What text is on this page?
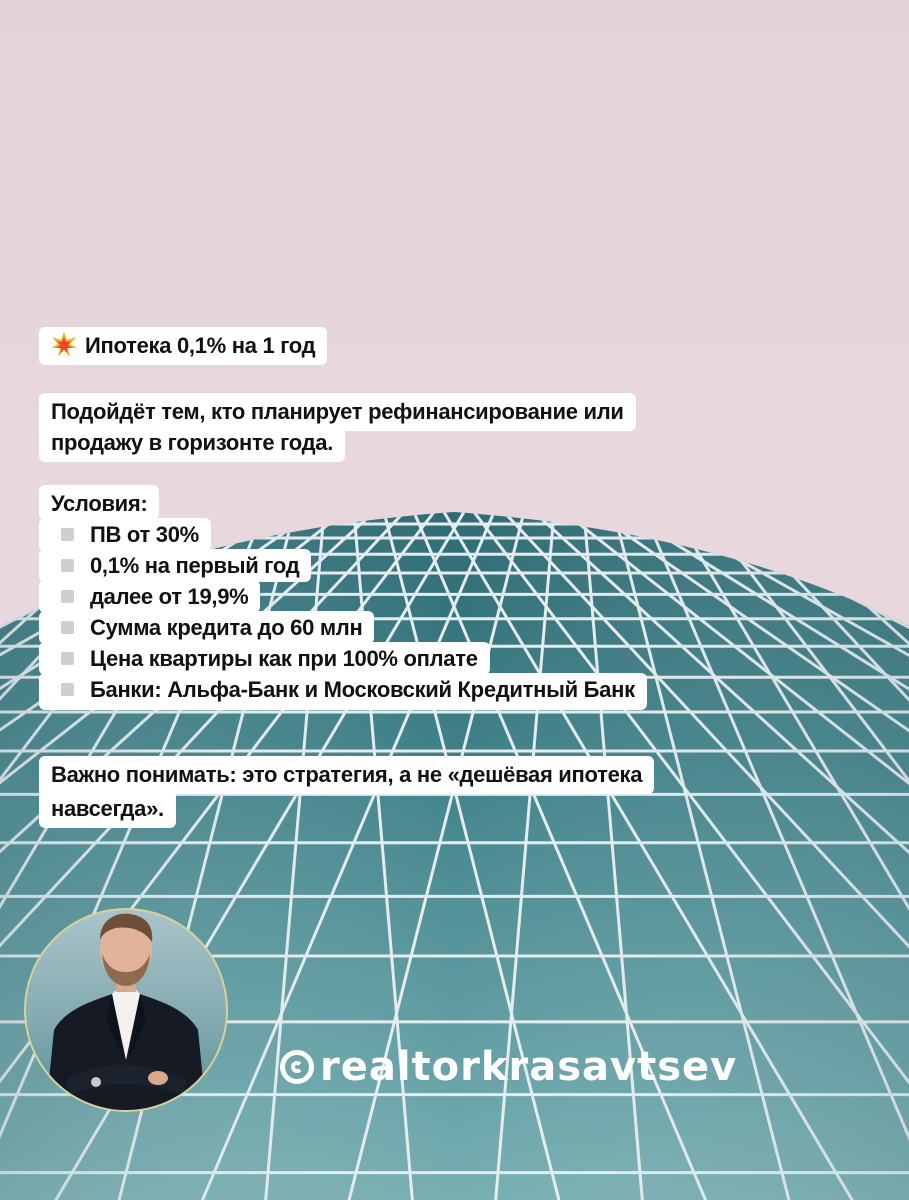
Ипотека 0,1% на 1 год
Подойдёт тем, кто планирует рефинансирование или
продажу в горизонте года.
Условия:
ПВ от 30%
0,1% на первый год
далее от 19,9%
Сумма кредита до 60 млн
Цена квартиры как при 100% оплате
Банки: Альфа-Банк и Московский Кредитный Банк
Важно понимать: это стратегия, а не «дешёвая ипотека
навсегда».
realtorkrasavtsev
